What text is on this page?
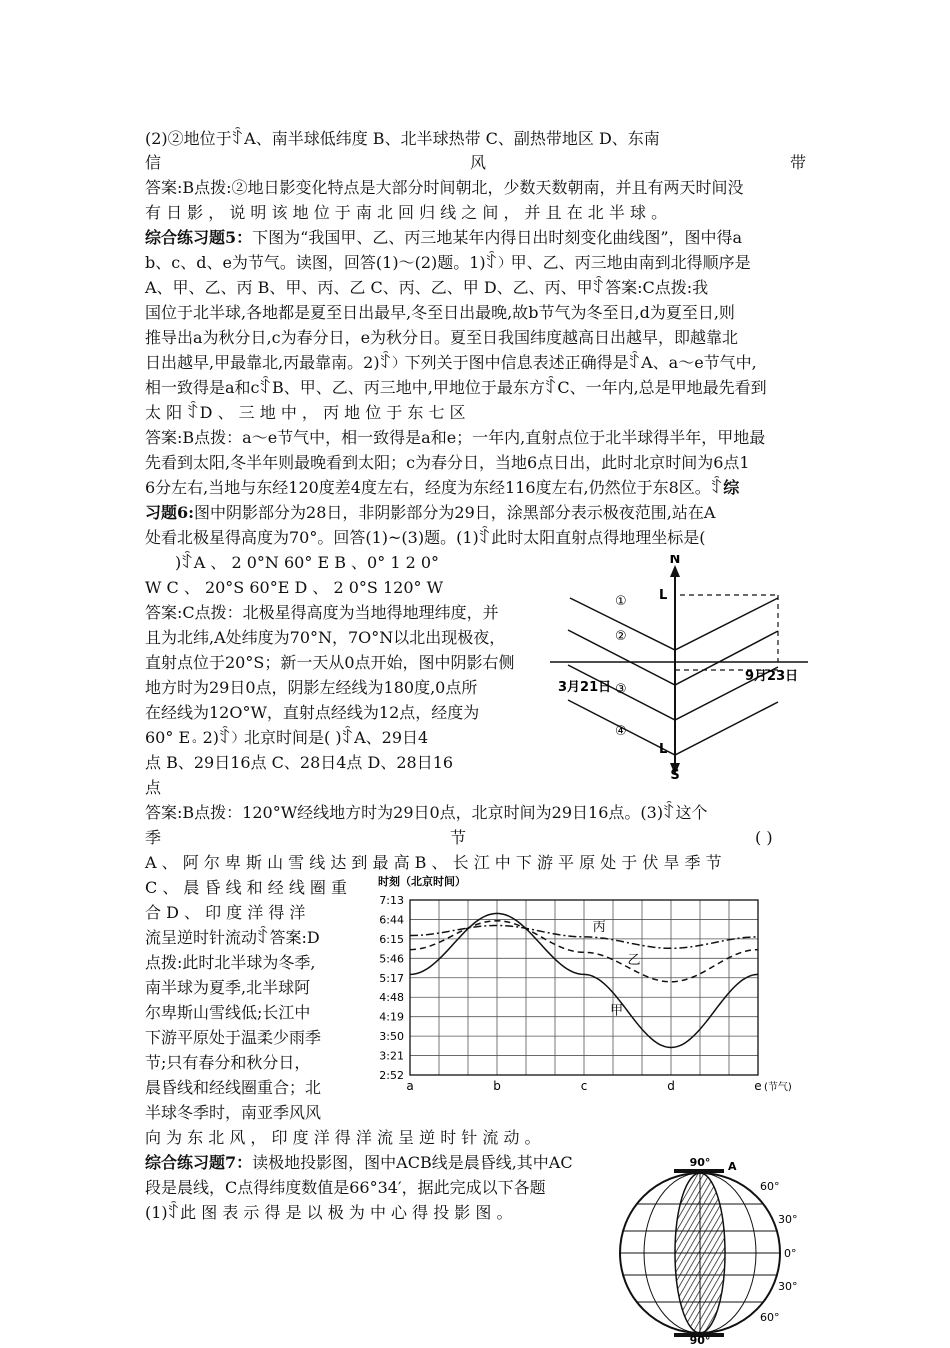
(2)②地位于ꄷA、南半球低纬度 B、北半球热带 C、副热带地区 D、东南
信	风	带
答案:B点拨:②地日影变化特点是大部分时间朝北，少数天数朝南，并且有两天时间没
有 日 影 ， 说 明 该 地 位 于 南 北 回 归 线 之 间 ， 并 且 在 北 半 球 。
综合练习题5：下图为“我国甲、乙、丙三地某年内得日出时刻变化曲线图”，图中得a
b、c、d、e为节气。读图，回答(1)～(2)题。1)ꄷ）甲、乙、丙三地由南到北得顺序是
A、甲、乙、丙 B、甲、丙、乙 C、丙、乙、甲 D、乙、丙、甲ꄷ答案:C点拨:我
国位于北半球,各地都是夏至日出最早,冬至日出最晚,故b节气为冬至日,d为夏至日,则
推导出a为秋分日,c为春分日，e为秋分日。夏至日我国纬度越高日出越早，即越靠北
日出越早,甲最靠北,丙最靠南。2)ꄷ）下列关于图中信息表述正确得是ꄷA、a～e节气中,
相一致得是a和cꄷB、甲、乙、丙三地中,甲地位于最东方ꄷC、一年内,总是甲地最先看到
太 阳 ꄷD 、 三 地 中 ， 丙 地 位 于 东 七 区
答案:B点拨：a～e节气中，相一致得是a和e；一年内,直射点位于北半球得半年，甲地最
先看到太阳,冬半年则最晚看到太阳；c为春分日，当地6点日出，此时北京时间为6点1
6分左右,当地与东经120度差4度左右，经度为东经116度左右,仍然位于东8区。ꄷ综
习题6:图中阴影部分为28日，非阴影部分为29日，涂黑部分表示极夜范围,站在A
处看北极星得高度为70°。回答(1)~(3)题。(1)ꄷ此时太阳直射点得地理坐标是(
)ꄷA 、 2 0°N 60° E B 、0° 1 2 0°
W C 、 20°S 60°E D 、 2 0°S 120° W
答案:C点拨：北极星得高度为当地得地理纬度，并
且为北纬,A处纬度为70°N，7O°N以北出现极夜，
直射点位于20°S；新一天从0点开始，图中阴影右侧
地方时为29日0点，阴影左经线为180度,0点所
在经线为12O°W，直射点经线为12点，经度为
60° E。2)ꄷ）北京时间是( )ꄷA、29日4
点 B、29日16点 C、28日4点 D、28日16
点
N
S
L
L
①
②
③
④
3月21日
9月23日
答案:B点拨：120°W经线地方时为29日0点，北京时间为29日16点。(3)ꄷ这个
季	节	( )
A 、 阿 尔 卑 斯 山 雪 线 达 到 最 高 B 、 长 江 中 下 游 平 原 处 于 伏 旱 季 节
C 、 晨 昏 线 和 经 线 圈 重
合 D 、 印 度 洋 得 洋
流呈逆时针流动ꄷ答案:D
点拨:此时北半球为冬季,
南半球为夏季,北半球阿
尔卑斯山雪线低;长江中
下游平原处于温柔少雨季
节;只有春分和秋分日，
晨昏线和经线圈重合；北
半球冬季时，南亚季风风
7:13
6:44
6:15
5:46
5:17
4:48
4:19
3:50
3:21
2:52
a	b	c	d	e (节气)
时刻（北京时间）
甲
乙
丙
向 为 东 北 风 ， 印 度 洋 得 洋 流 呈 逆 时 针 流 动 。
综合练习题7：读极地投影图，图中ACB线是晨昏线,其中AC
段是晨线，C点得纬度数值是66°34′，据此完成以下各题
(1)ꄷ此 图 表 示 得 是 以 极 为 中 心 得 投 影 图 。
90°
90°
A
60°
30°
0°
30°
60°
